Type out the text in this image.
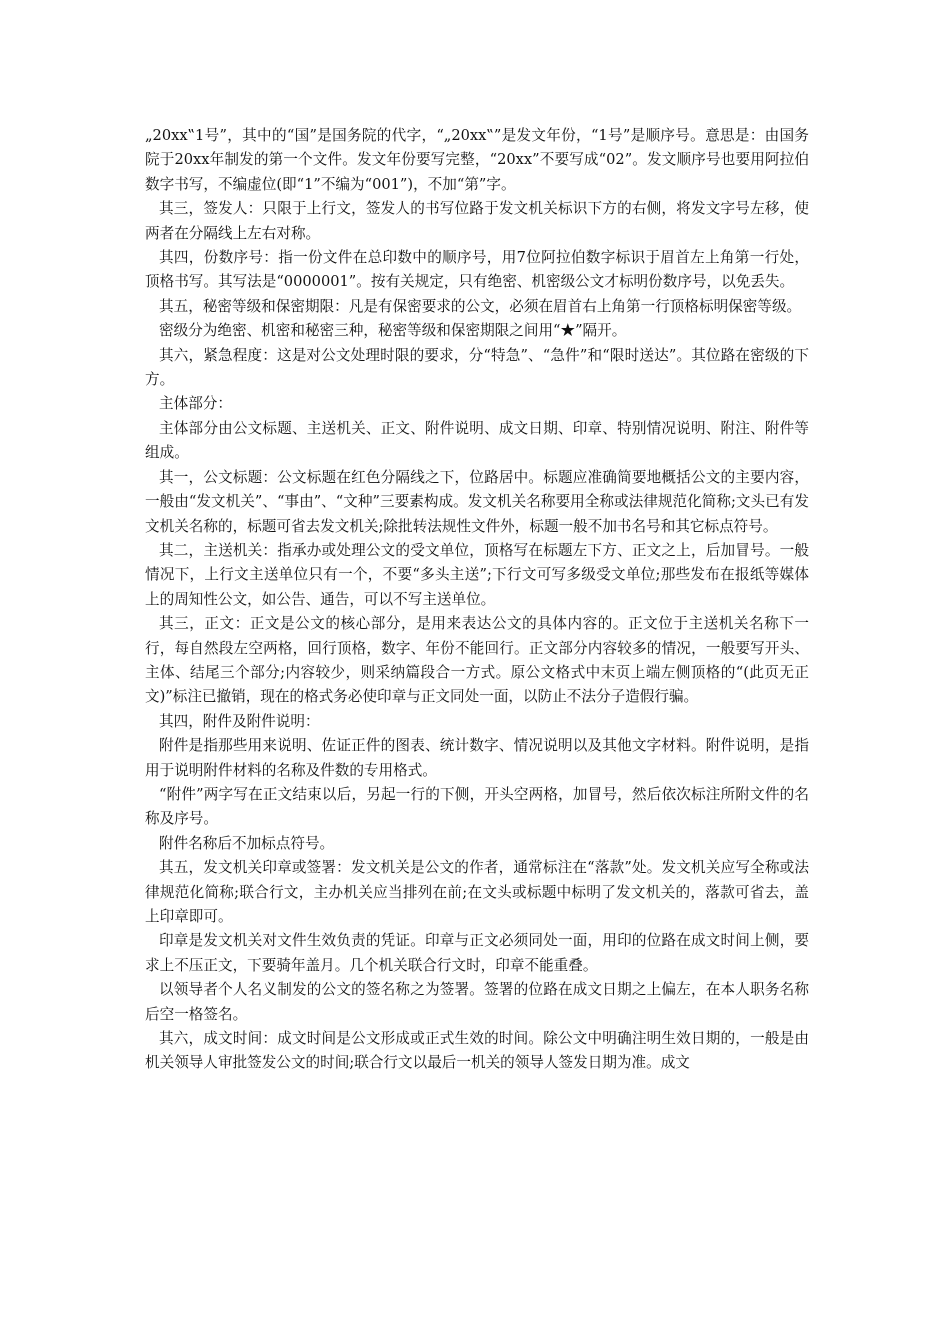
„20xx‟1号”，其中的“国”是国务院的代字，“„20xx‟”是发文年份，“1号”是顺序号。意思是：由国务院于20xx年制发的第一个文件。发文年份要写完整，“20xx”不要写成“02”。发文顺序号也要用阿拉伯数字书写，不编虚位(即“1”不编为“001”)，不加“第”字。

其三，签发人：只限于上行文，签发人的书写位路于发文机关标识下方的右侧，将发文字号左移，使两者在分隔线上左右对称。

其四，份数序号：指一份文件在总印数中的顺序号，用7位阿拉伯数字标识于眉首左上角第一行处，顶格书写。其写法是“0000001”。按有关规定，只有绝密、机密级公文才标明份数序号，以免丢失。

其五，秘密等级和保密期限：凡是有保密要求的公文，必须在眉首右上角第一行顶格标明保密等级。

密级分为绝密、机密和秘密三种，秘密等级和保密期限之间用“★”隔开。

其六，紧急程度：这是对公文处理时限的要求，分“特急”、“急件”和“限时送达”。其位路在密级的下方。

主体部分：

主体部分由公文标题、主送机关、正文、附件说明、成文日期、印章、特别情况说明、附注、附件等组成。

其一，公文标题：公文标题在红色分隔线之下，位路居中。标题应准确简要地概括公文的主要内容，一般由“发文机关”、“事由”、“文种”三要素构成。发文机关名称要用全称或法律规范化简称;文头已有发文机关名称的，标题可省去发文机关;除批转法规性文件外，标题一般不加书名号和其它标点符号。

其二，主送机关：指承办或处理公文的受文单位，顶格写在标题左下方、正文之上，后加冒号。一般情况下，上行文主送单位只有一个，不要“多头主送”;下行文可写多级受文单位;那些发布在报纸等媒体上的周知性公文，如公告、通告，可以不写主送单位。

其三，正文：正文是公文的核心部分，是用来表达公文的具体内容的。正文位于主送机关名称下一行，每自然段左空两格，回行顶格，数字、年份不能回行。正文部分内容较多的情况，一般要写开头、主体、结尾三个部分;内容较少，则采纳篇段合一方式。原公文格式中末页上端左侧顶格的“(此页无正文)”标注已撤销，现在的格式务必使印章与正文同处一面，以防止不法分子造假行骗。

其四，附件及附件说明：

附件是指那些用来说明、佐证正件的图表、统计数字、情况说明以及其他文字材料。附件说明，是指用于说明附件材料的名称及件数的专用格式。

“附件”两字写在正文结束以后，另起一行的下侧，开头空两格，加冒号，然后依次标注所附文件的名称及序号。

附件名称后不加标点符号。

其五，发文机关印章或签署：发文机关是公文的作者，通常标注在“落款”处。发文机关应写全称或法律规范化简称;联合行文，主办机关应当排列在前;在文头或标题中标明了发文机关的，落款可省去，盖上印章即可。

印章是发文机关对文件生效负责的凭证。印章与正文必须同处一面，用印的位路在成文时间上侧，要求上不压正文，下要骑年盖月。几个机关联合行文时，印章不能重叠。

以领导者个人名义制发的公文的签名称之为签署。签署的位路在成文日期之上偏左，在本人职务名称后空一格签名。

其六，成文时间：成文时间是公文形成或正式生效的时间。除公文中明确注明生效日期的，一般是由机关领导人审批签发公文的时间;联合行文以最后一机关的领导人签发日期为准。成文
